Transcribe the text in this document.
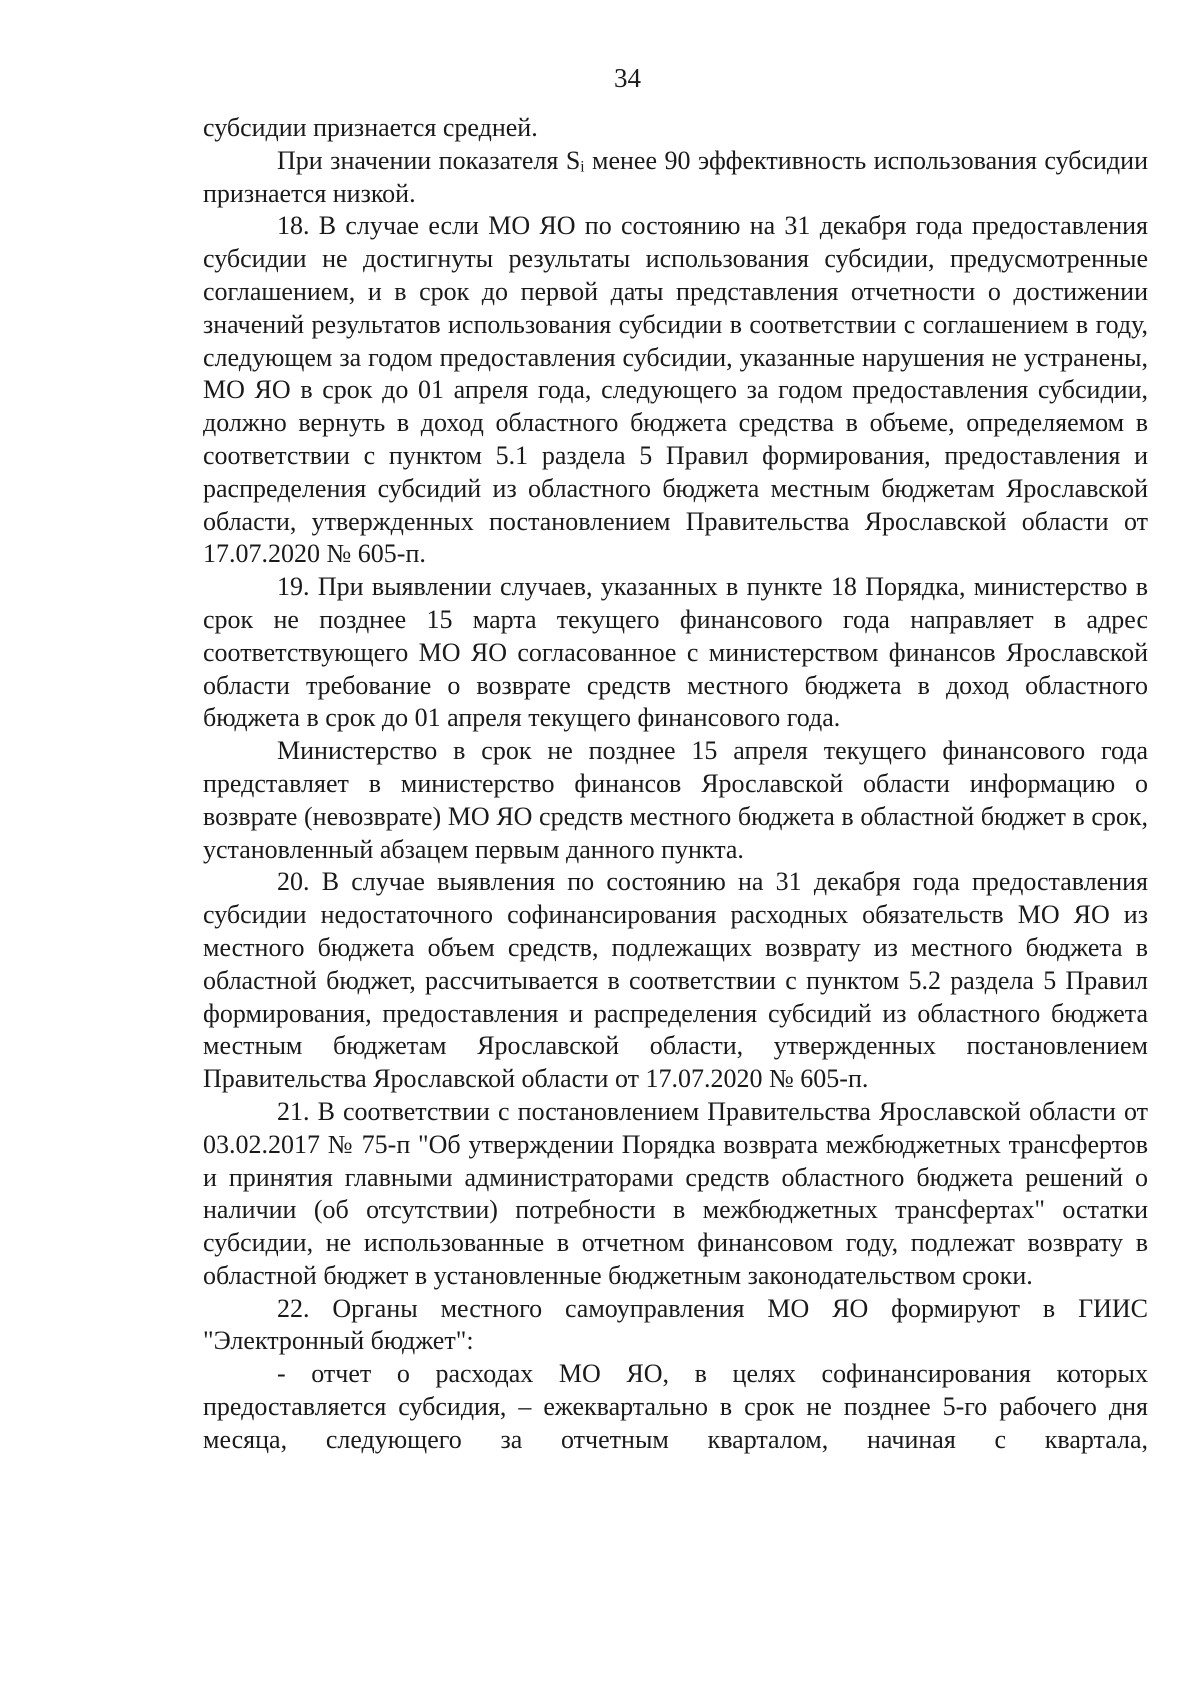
34

субсидии признается средней.

При значении показателя Sᵢ менее 90 эффективность использования субсидии признается низкой.

18. В случае если МО ЯО по состоянию на 31 декабря года предоставления субсидии не достигнуты результаты использования субсидии, предусмотренные соглашением, и в срок до первой даты представления отчетности о достижении значений результатов использования субсидии в соответствии с соглашением в году, следующем за годом предоставления субсидии, указанные нарушения не устранены, МО ЯО в срок до 01 апреля года, следующего за годом предоставления субсидии, должно вернуть в доход областного бюджета средства в объеме, определяемом в соответствии с пунктом 5.1 раздела 5 Правил формирования, предоставления и распределения субсидий из областного бюджета местным бюджетам Ярославской области, утвержденных постановлением Правительства Ярославской области от 17.07.2020 № 605-п.

19. При выявлении случаев, указанных в пункте 18 Порядка, министерство в срок не позднее 15 марта текущего финансового года направляет в адрес соответствующего МО ЯО согласованное с министерством финансов Ярославской области требование о возврате средств местного бюджета в доход областного бюджета в срок до 01 апреля текущего финансового года.

Министерство в срок не позднее 15 апреля текущего финансового года представляет в министерство финансов Ярославской области информацию о возврате (невозврате) МО ЯО средств местного бюджета в областной бюджет в срок, установленный абзацем первым данного пункта.

20. В случае выявления по состоянию на 31 декабря года предоставления субсидии недостаточного софинансирования расходных обязательств МО ЯО из местного бюджета объем средств, подлежащих возврату из местного бюджета в областной бюджет, рассчитывается в соответствии с пунктом 5.2 раздела 5 Правил формирования, предоставления и распределения субсидий из областного бюджета местным бюджетам Ярославской области, утвержденных постановлением Правительства Ярославской области от 17.07.2020 № 605-п.

21. В соответствии с постановлением Правительства Ярославской области от 03.02.2017 № 75-п "Об утверждении Порядка возврата межбюджетных трансфертов и принятия главными администраторами средств областного бюджета решений о наличии (об отсутствии) потребности в межбюджетных трансфертах" остатки субсидии, не использованные в отчетном финансовом году, подлежат возврату в областной бюджет в установленные бюджетным законодательством сроки.

22. Органы местного самоуправления МО ЯО формируют в ГИИС "Электронный бюджет":

- отчет о расходах МО ЯО, в целях софинансирования которых предоставляется субсидия, – ежеквартально в срок не позднее 5-го рабочего дня месяца, следующего за отчетным кварталом, начиная с квартала,
